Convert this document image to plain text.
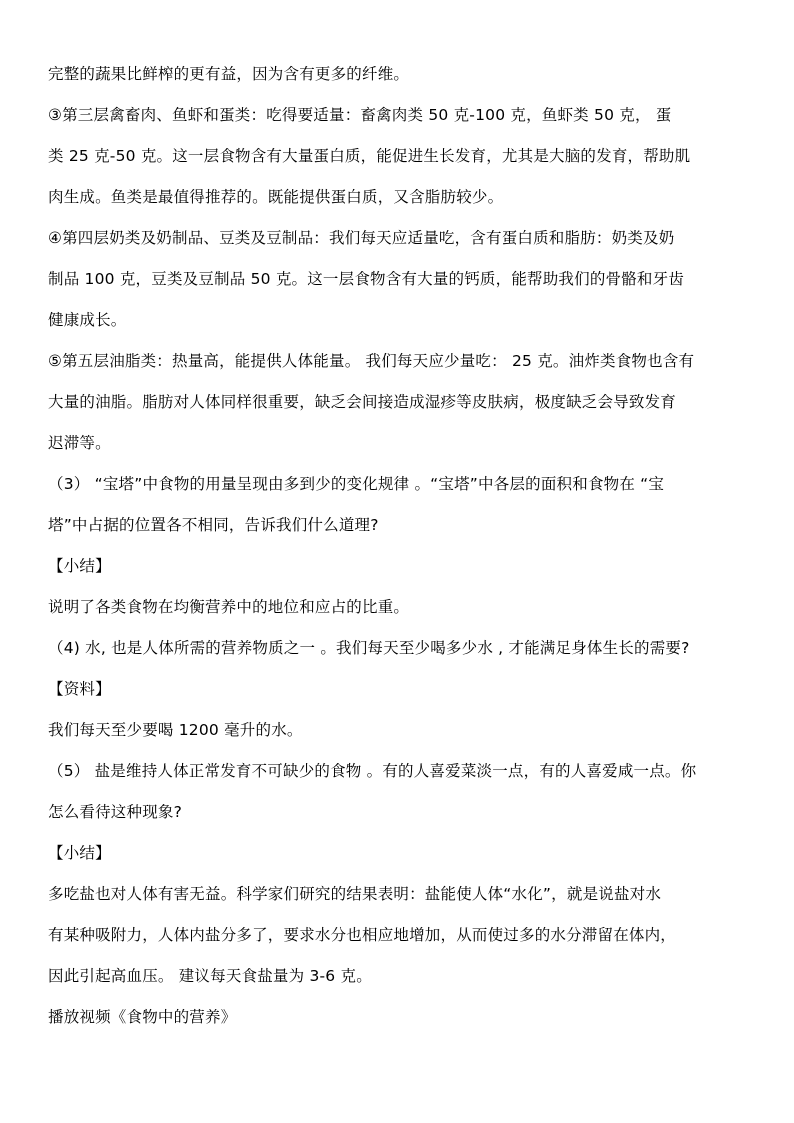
完整的蔬果比鲜榨的更有益，因为含有更多的纤维。
③第三层禽畜肉、鱼虾和蛋类：吃得要适量：畜禽肉类 50 克-100 克，鱼虾类 50 克， 蛋
类 25 克-50 克。这一层食物含有大量蛋白质，能促进生长发育，尤其是大脑的发育，帮助肌
肉生成。鱼类是最值得推荐的。既能提供蛋白质，又含脂肪较少。
④第四层奶类及奶制品、豆类及豆制品：我们每天应适量吃，含有蛋白质和脂肪：奶类及奶
制品 100 克，豆类及豆制品 50 克。这一层食物含有大量的钙质，能帮助我们的骨骼和牙齿
健康成长。
⑤第五层油脂类：热量高，能提供人体能量。 我们每天应少量吃： 25 克。油炸类食物也含有
大量的油脂。脂肪对人体同样很重要，缺乏会间接造成湿疹等皮肤病，极度缺乏会导致发育
迟滞等。
（3） “宝塔”中食物的用量呈现由多到少的变化规律 。“宝塔”中各层的面积和食物在 “宝
塔”中占据的位置各不相同，告诉我们什么道理?
【小结】
说明了各类食物在均衡营养中的地位和应占的比重。
（4) 水, 也是人体所需的营养物质之一 。我们每天至少喝多少水 , 才能满足身体生长的需要?
【资料】
我们每天至少要喝 1200 毫升的水。
（5） 盐是维持人体正常发育不可缺少的食物 。有的人喜爱菜淡一点，有的人喜爱咸一点。你
怎么看待这种现象?
【小结】
多吃盐也对人体有害无益。科学家们研究的结果表明：盐能使人体“水化”，就是说盐对水
有某种吸附力，人体内盐分多了，要求水分也相应地增加，从而使过多的水分滞留在体内，
因此引起高血压。 建议每天食盐量为 3-6 克。
播放视频《食物中的营养》
